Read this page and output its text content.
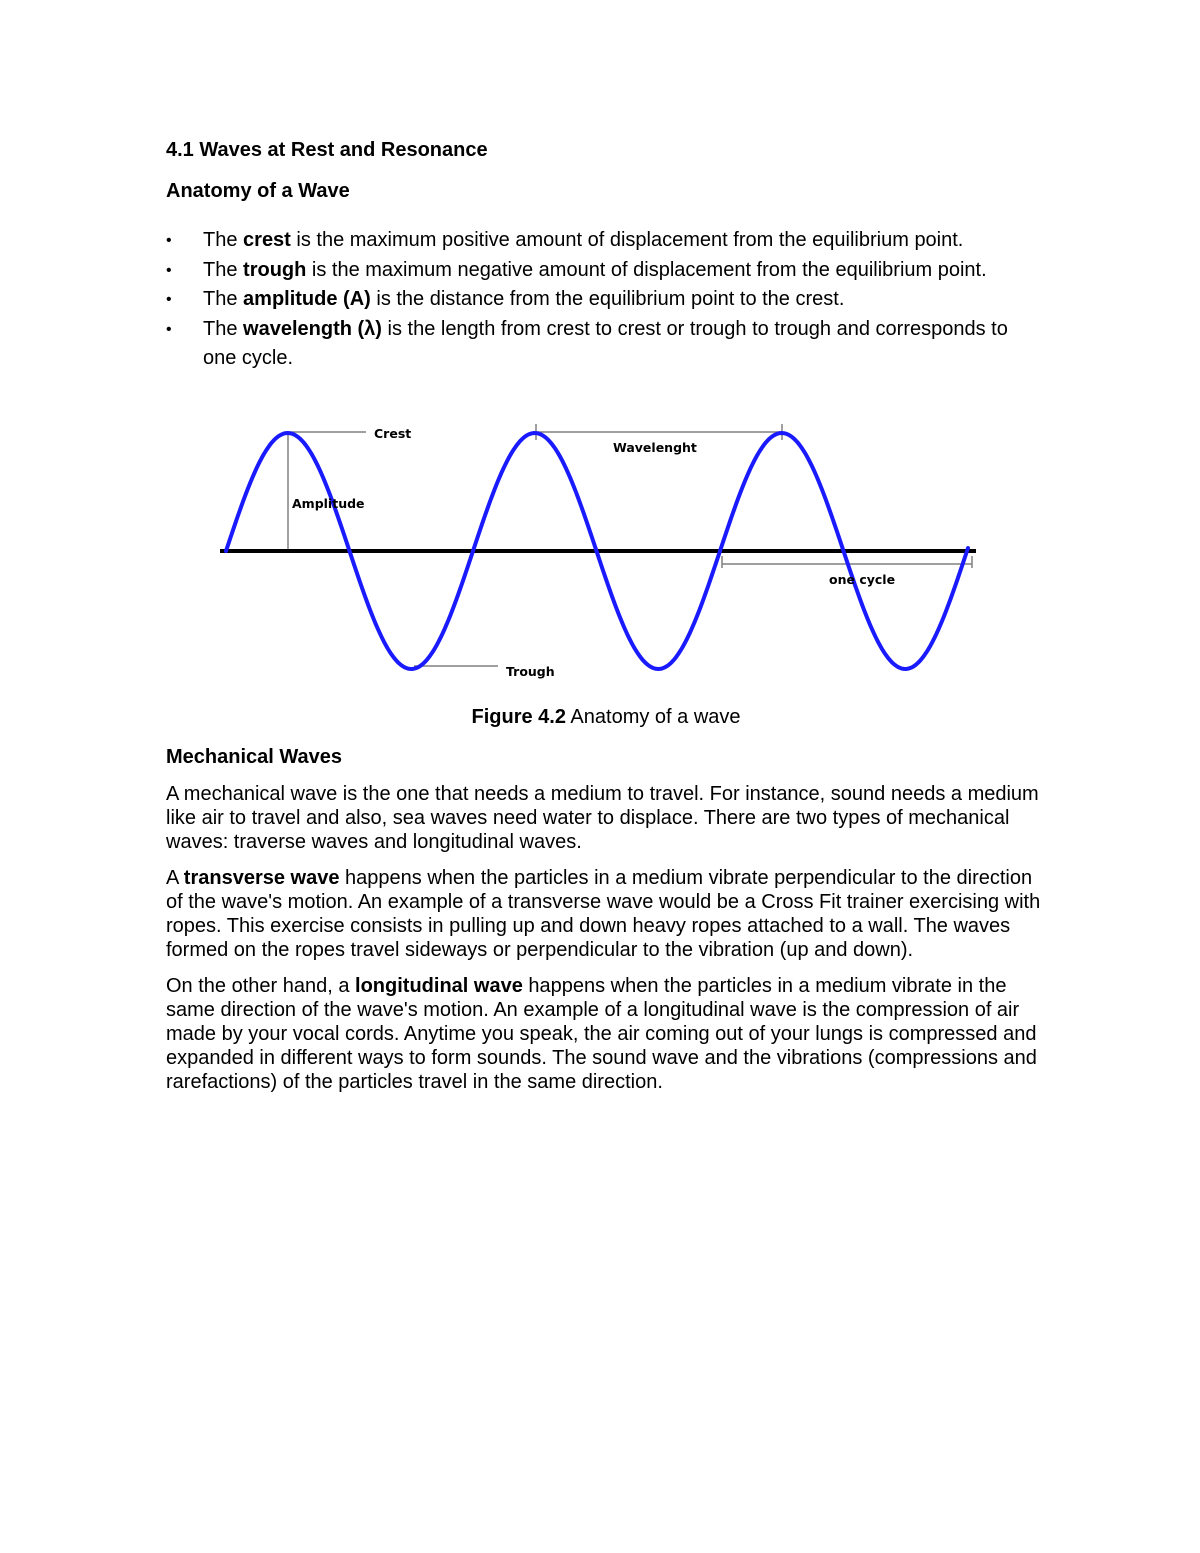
4.1 Waves at Rest and Resonance
Anatomy of a Wave
• The crest is the maximum positive amount of displacement from the equilibrium point.
• The trough is the maximum negative amount of displacement from the equilibrium point.
• The amplitude (A) is the distance from the equilibrium point to the crest.
• The wavelength (λ) is the length from crest to crest or trough to trough and corresponds to one cycle.
Crest
Wavelenght
Amplitude
one cycle
Trough
Figure 4.2 Anatomy of a wave
Mechanical Waves

A mechanical wave is the one that needs a medium to travel. For instance, sound needs a medium like air to travel and also, sea waves need water to displace. There are two types of mechanical waves: traverse waves and longitudinal waves.

A transverse wave happens when the particles in a medium vibrate perpendicular to the direction of the wave's motion. An example of a transverse wave would be a Cross Fit trainer exercising with ropes. This exercise consists in pulling up and down heavy ropes attached to a wall. The waves formed on the ropes travel sideways or perpendicular to the vibration (up and down).

On the other hand, a longitudinal wave happens when the particles in a medium vibrate in the same direction of the wave's motion. An example of a longitudinal wave is the compression of air made by your vocal cords. Anytime you speak, the air coming out of your lungs is compressed and expanded in different ways to form sounds. The sound wave and the vibrations (compressions and rarefactions) of the particles travel in the same direction.
